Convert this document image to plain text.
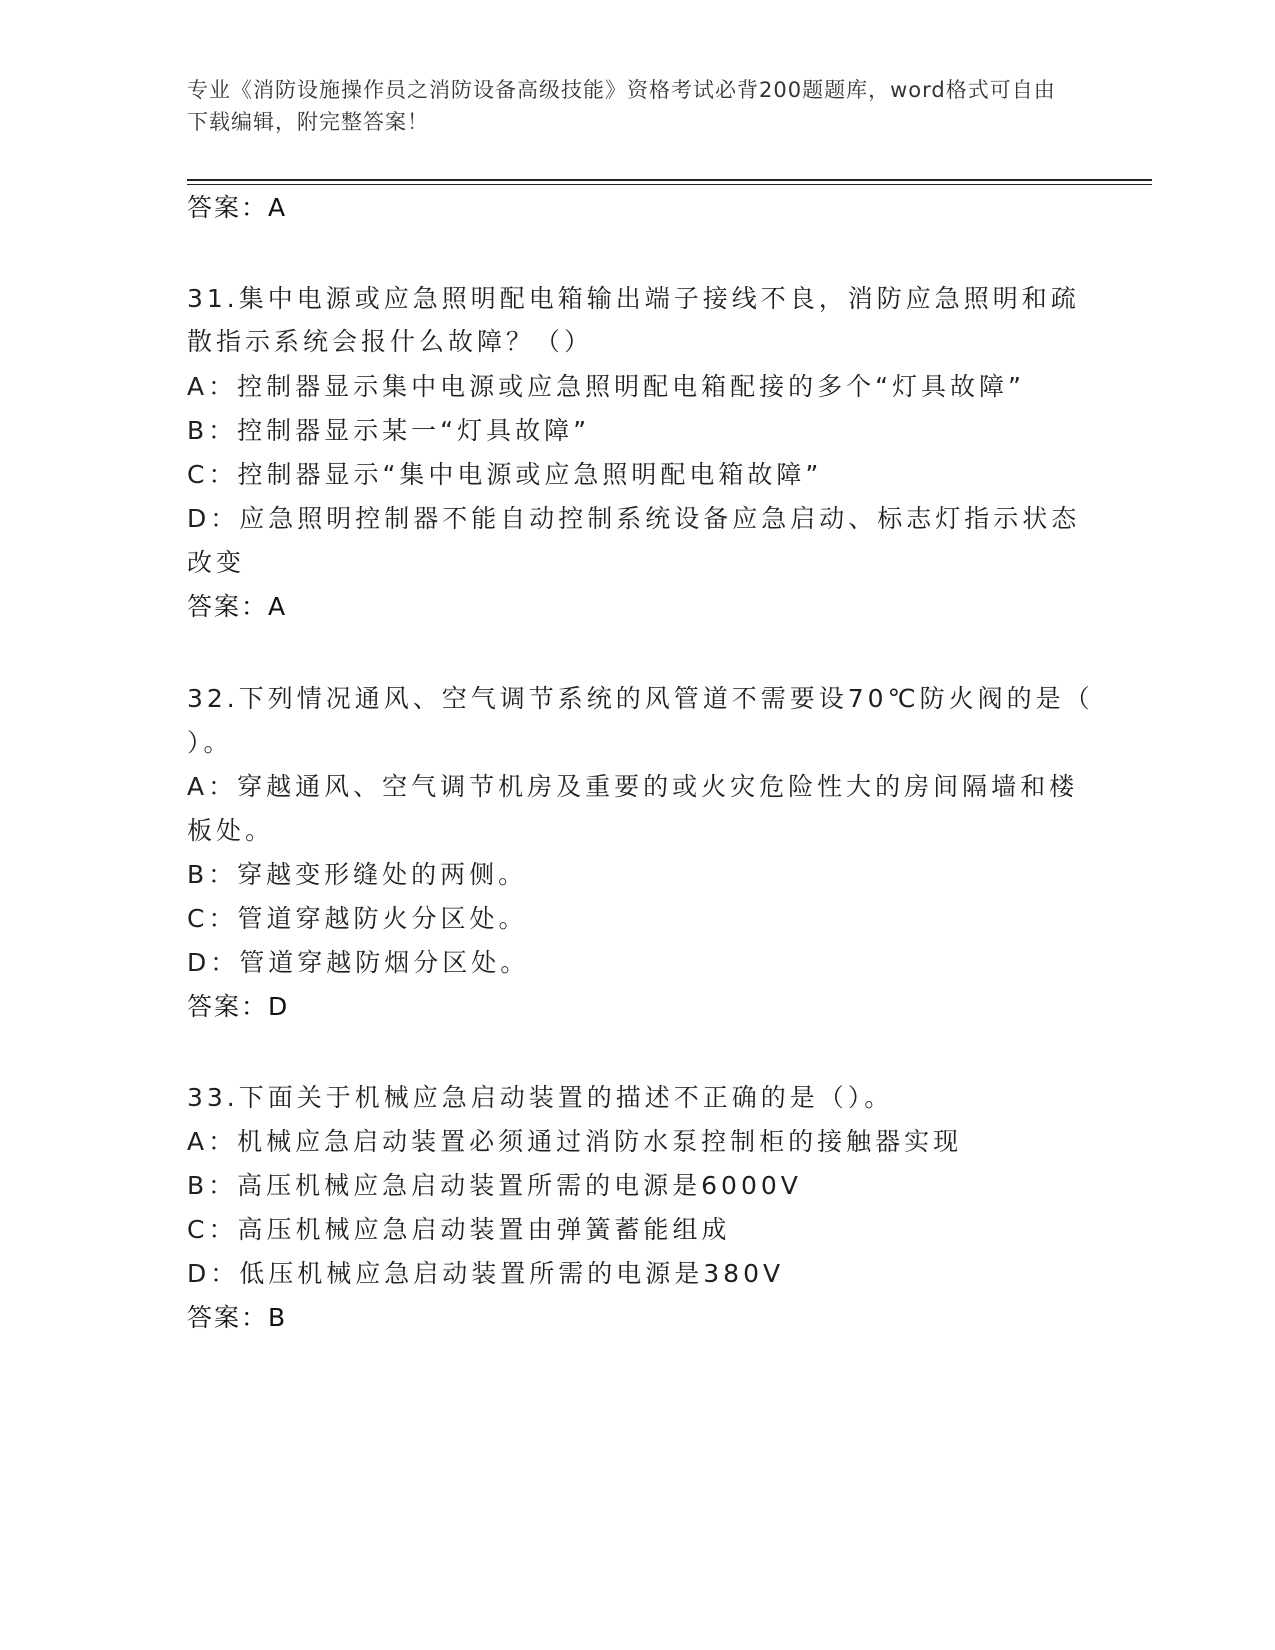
专业《消防设施操作员之消防设备高级技能》资格考试必背200题题库，word格式可自由下载编辑，附完整答案！
答案：A
31.集中电源或应急照明配电箱输出端子接线不良，消防应急照明和疏
散指示系统会报什么故障？（）
A：控制器显示集中电源或应急照明配电箱配接的多个“灯具故障”
B：控制器显示某一“灯具故障”
C：控制器显示“集中电源或应急照明配电箱故障”
D：应急照明控制器不能自动控制系统设备应急启动、标志灯指示状态
改变
答案：A
32.下列情况通风、空气调节系统的风管道不需要设70℃防火阀的是（
）。
A：穿越通风、空气调节机房及重要的或火灾危险性大的房间隔墙和楼
板处。
B：穿越变形缝处的两侧。
C：管道穿越防火分区处。
D：管道穿越防烟分区处。
答案：D
33.下面关于机械应急启动装置的描述不正确的是（）。
A：机械应急启动装置必须通过消防水泵控制柜的接触器实现
B：高压机械应急启动装置所需的电源是6000V
C：高压机械应急启动装置由弹簧蓄能组成
D：低压机械应急启动装置所需的电源是380V
答案：B
